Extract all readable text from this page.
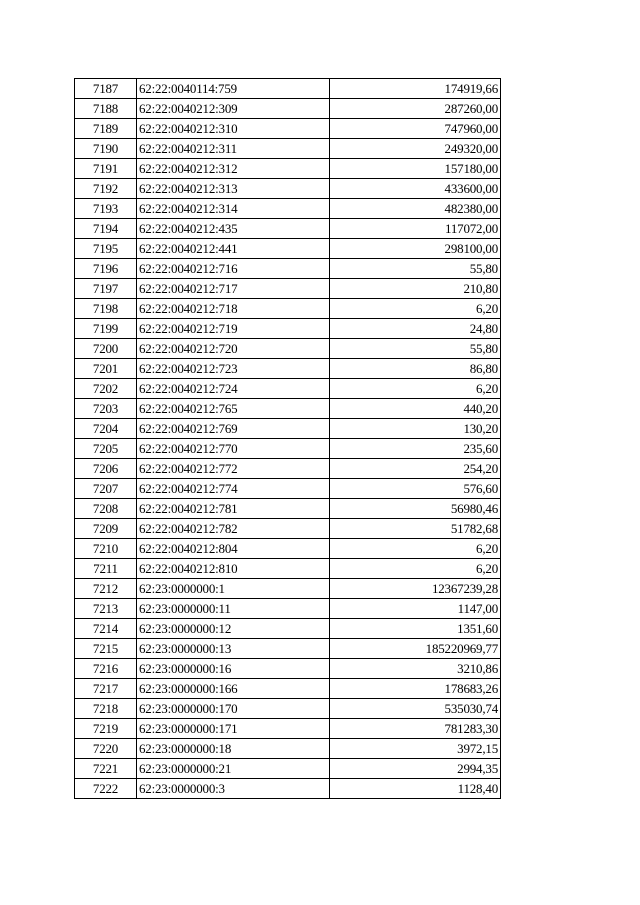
7187	62:22:0040114:759	174919,66
7188	62:22:0040212:309	287260,00
7189	62:22:0040212:310	747960,00
7190	62:22:0040212:311	249320,00
7191	62:22:0040212:312	157180,00
7192	62:22:0040212:313	433600,00
7193	62:22:0040212:314	482380,00
7194	62:22:0040212:435	117072,00
7195	62:22:0040212:441	298100,00
7196	62:22:0040212:716	55,80
7197	62:22:0040212:717	210,80
7198	62:22:0040212:718	6,20
7199	62:22:0040212:719	24,80
7200	62:22:0040212:720	55,80
7201	62:22:0040212:723	86,80
7202	62:22:0040212:724	6,20
7203	62:22:0040212:765	440,20
7204	62:22:0040212:769	130,20
7205	62:22:0040212:770	235,60
7206	62:22:0040212:772	254,20
7207	62:22:0040212:774	576,60
7208	62:22:0040212:781	56980,46
7209	62:22:0040212:782	51782,68
7210	62:22:0040212:804	6,20
7211	62:22:0040212:810	6,20
7212	62:23:0000000:1	12367239,28
7213	62:23:0000000:11	1147,00
7214	62:23:0000000:12	1351,60
7215	62:23:0000000:13	185220969,77
7216	62:23:0000000:16	3210,86
7217	62:23:0000000:166	178683,26
7218	62:23:0000000:170	535030,74
7219	62:23:0000000:171	781283,30
7220	62:23:0000000:18	3972,15
7221	62:23:0000000:21	2994,35
7222	62:23:0000000:3	1128,40
